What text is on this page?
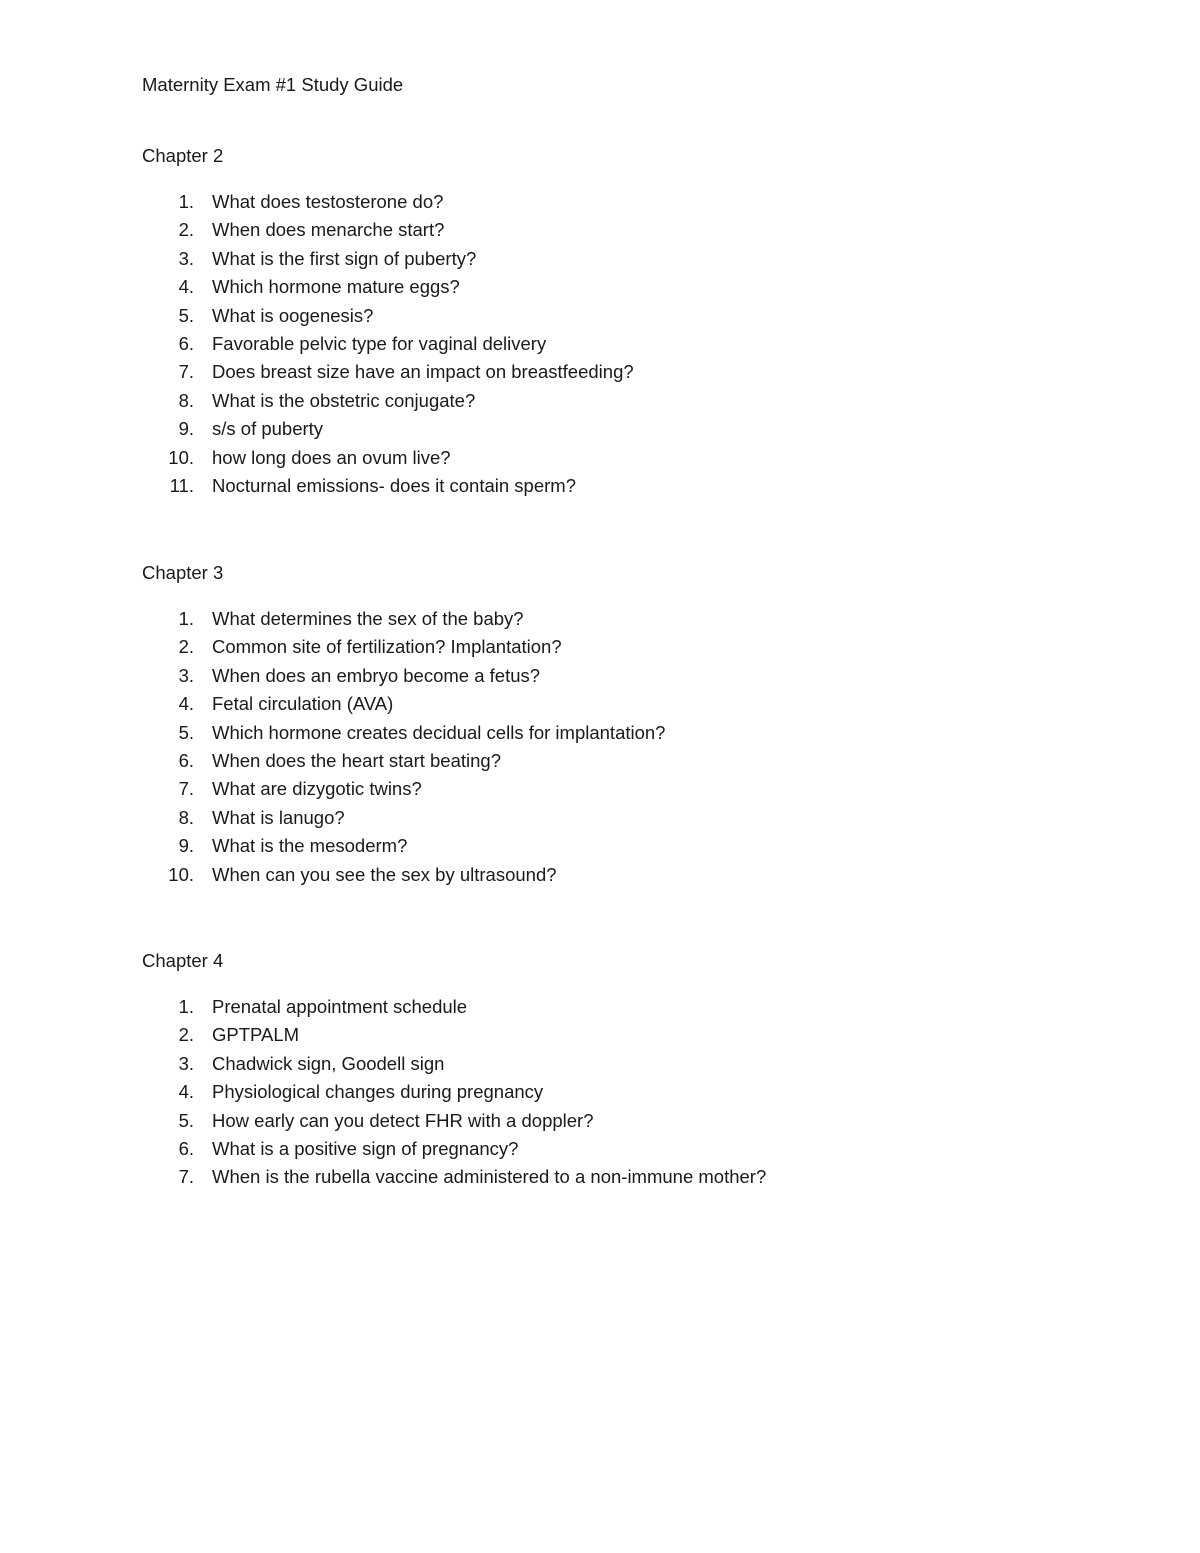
Maternity Exam #1 Study Guide
Chapter 2
1. What does testosterone do?
2. When does menarche start?
3. What is the first sign of puberty?
4. Which hormone mature eggs?
5. What is oogenesis?
6. Favorable pelvic type for vaginal delivery
7. Does breast size have an impact on breastfeeding?
8. What is the obstetric conjugate?
9. s/s of puberty
10. how long does an ovum live?
11. Nocturnal emissions- does it contain sperm?
Chapter 3
1. What determines the sex of the baby?
2. Common site of fertilization? Implantation?
3. When does an embryo become a fetus?
4. Fetal circulation (AVA)
5. Which hormone creates decidual cells for implantation?
6. When does the heart start beating?
7. What are dizygotic twins?
8. What is lanugo?
9. What is the mesoderm?
10. When can you see the sex by ultrasound?
Chapter 4
1. Prenatal appointment schedule
2. GPTPALM
3. Chadwick sign, Goodell sign
4. Physiological changes during pregnancy
5. How early can you detect FHR with a doppler?
6. What is a positive sign of pregnancy?
7. When is the rubella vaccine administered to a non-immune mother?
